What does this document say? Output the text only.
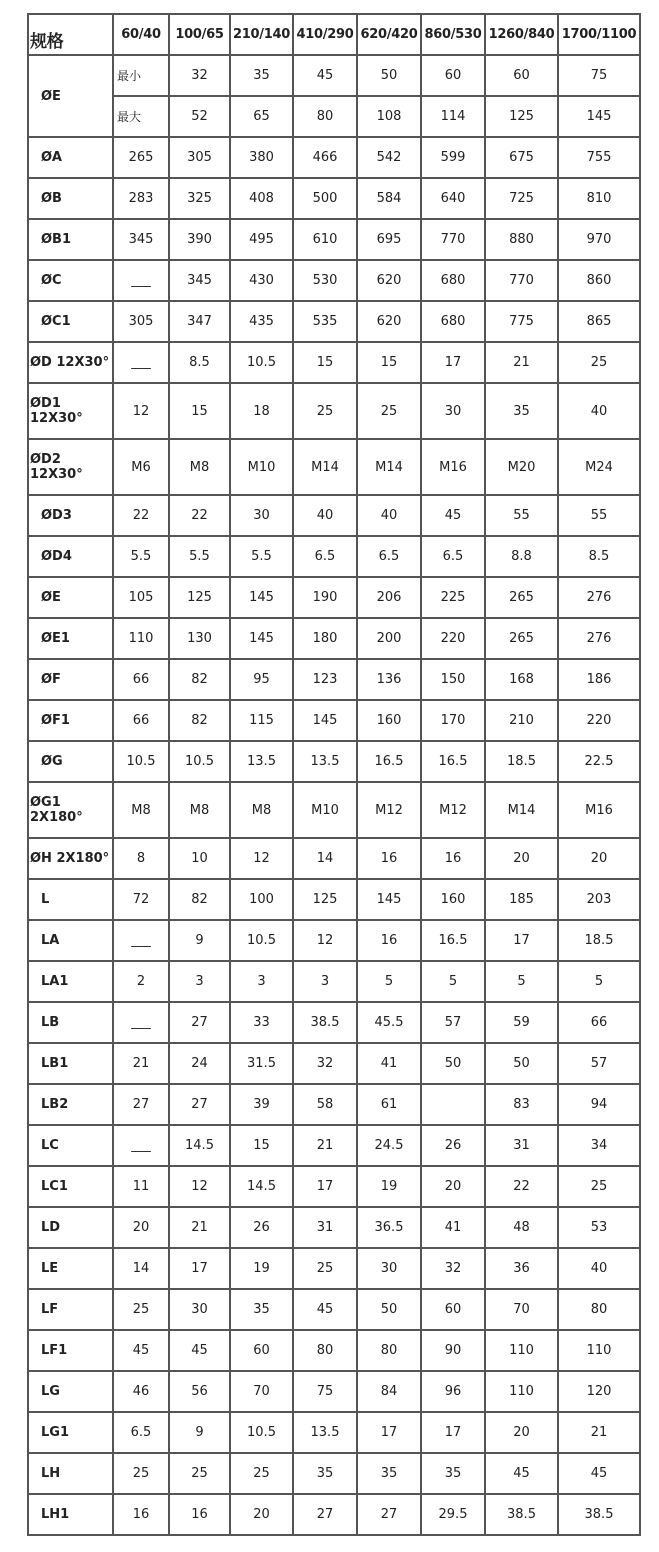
规格	60/40	100/65	210/140	410/290	620/420	860/530	1260/840	1700/1100
ØE	最小	32	35	45	50	60	60	75
	最大	52	65	80	108	114	125	145
ØA	265	305	380	466	542	599	675	755
ØB	283	325	408	500	584	640	725	810
ØB1	345	390	495	610	695	770	880	970
ØC	___	345	430	530	620	680	770	860
ØC1	305	347	435	535	620	680	775	865
ØD 12X30°	___	8.5	10.5	15	15	17	21	25
ØD1 12X30°	12	15	18	25	25	30	35	40
ØD2 12X30°	M6	M8	M10	M14	M14	M16	M20	M24
ØD3	22	22	30	40	40	45	55	55
ØD4	5.5	5.5	5.5	6.5	6.5	6.5	8.8	8.5
ØE	105	125	145	190	206	225	265	276
ØE1	110	130	145	180	200	220	265	276
ØF	66	82	95	123	136	150	168	186
ØF1	66	82	115	145	160	170	210	220
ØG	10.5	10.5	13.5	13.5	16.5	16.5	18.5	22.5
ØG1 2X180°	M8	M8	M8	M10	M12	M12	M14	M16
ØH 2X180°	8	10	12	14	16	16	20	20
L	72	82	100	125	145	160	185	203
LA	___	9	10.5	12	16	16.5	17	18.5
LA1	2	3	3	3	5	5	5	5
LB	___	27	33	38.5	45.5	57	59	66
LB1	21	24	31.5	32	41	50	50	57
LB2	27	27	39	58	61		83	94
LC	___	14.5	15	21	24.5	26	31	34
LC1	11	12	14.5	17	19	20	22	25
LD	20	21	26	31	36.5	41	48	53
LE	14	17	19	25	30	32	36	40
LF	25	30	35	45	50	60	70	80
LF1	45	45	60	80	80	90	110	110
LG	46	56	70	75	84	96	110	120
LG1	6.5	9	10.5	13.5	17	17	20	21
LH	25	25	25	35	35	35	45	45
LH1	16	16	20	27	27	29.5	38.5	38.5
